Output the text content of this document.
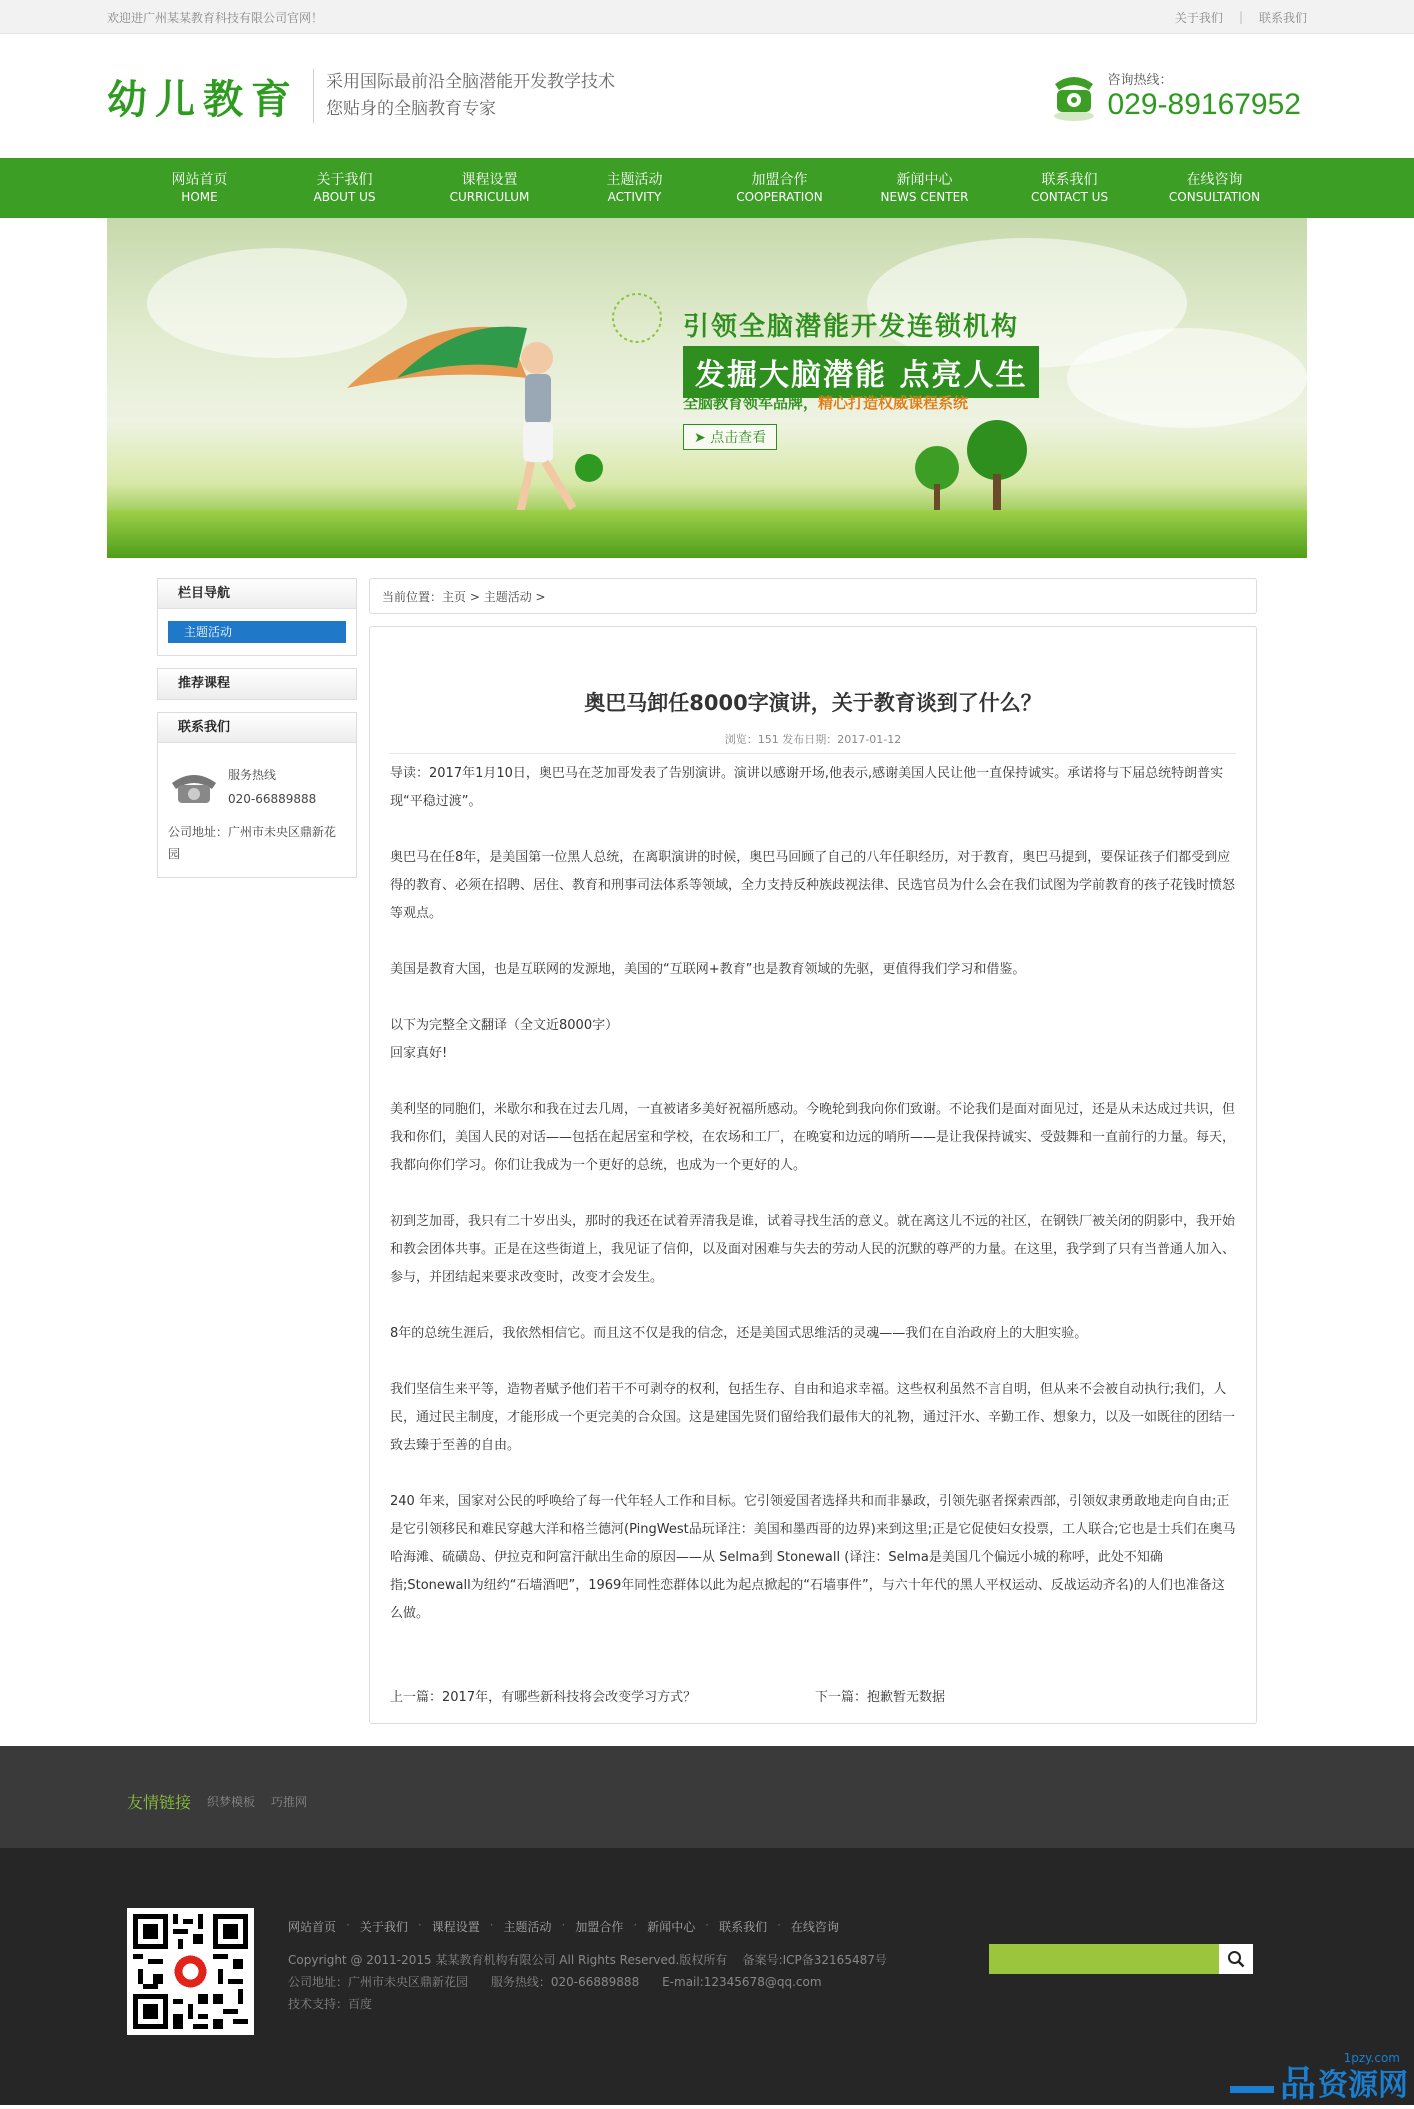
欢迎进广州某某教育科技有限公司官网！	关于我们 | 联系我们
幼儿教育 采用国际最前沿全脑潜能开发教学技术
您贴身的全脑教育专家
咨询热线：
029-89167952
网站首页
HOME
关于我们
ABOUT US
课程设置
CURRICULUM
主题活动
ACTIVITY
加盟合作
COOPERATION
新闻中心
NEWS CENTER
联系我们
CONTACT US
在线咨询
CONSULTATION
引领全脑潜能开发连锁机构
发掘大脑潜能 点亮人生
全脑教育领军品牌，精心打造权威课程系统
➤ 点击查看
栏目导航
主题活动
推荐课程
联系我们
服务热线
020-66889888
公司地址：广州市未央区鼎新花园
当前位置：主页 > 主题活动 >
奥巴马卸任8000字演讲，关于教育谈到了什么？
浏览：151 发布日期：2017-01-12

导读：2017年1月10日，奥巴马在芝加哥发表了告别演讲。演讲以感谢开场,他表示,感谢美国人民让他一直保持诚实。承诺将与下届总统特朗普实现“平稳过渡”。

奥巴马在任8年，是美国第一位黑人总统，在离职演讲的时候，奥巴马回顾了自己的八年任职经历，对于教育，奥巴马提到，要保证孩子们都受到应得的教育、必须在招聘、居住、教育和刑事司法体系等领域，全力支持反种族歧视法律、民选官员为什么会在我们试图为学前教育的孩子花钱时愤怒等观点。

美国是教育大国，也是互联网的发源地，美国的“互联网+教育”也是教育领域的先驱，更值得我们学习和借鉴。

以下为完整全文翻译（全文近8000字）

回家真好!

美利坚的同胞们，米歇尔和我在过去几周，一直被诸多美好祝福所感动。今晚轮到我向你们致谢。不论我们是面对面见过，还是从未达成过共识，但我和你们，美国人民的对话——包括在起居室和学校，在农场和工厂，在晚宴和边远的哨所——是让我保持诚实、受鼓舞和一直前行的力量。每天，我都向你们学习。你们让我成为一个更好的总统，也成为一个更好的人。

初到芝加哥，我只有二十岁出头，那时的我还在试着弄清我是谁，试着寻找生活的意义。就在离这儿不远的社区，在钢铁厂被关闭的阴影中，我开始和教会团体共事。正是在这些街道上，我见证了信仰，以及面对困难与失去的劳动人民的沉默的尊严的力量。在这里，我学到了只有当普通人加入、参与，并团结起来要求改变时，改变才会发生。

8年的总统生涯后，我依然相信它。而且这不仅是我的信念，还是美国式思维活的灵魂——我们在自治政府上的大胆实验。

我们坚信生来平等，造物者赋予他们若干不可剥夺的权利，包括生存、自由和追求幸福。这些权利虽然不言自明，但从来不会被自动执行;我们，人民，通过民主制度，才能形成一个更完美的合众国。这是建国先贤们留给我们最伟大的礼物，通过汗水、辛勤工作、想象力，以及一如既往的团结一致去臻于至善的自由。

240 年来，国家对公民的呼唤给了每一代年轻人工作和目标。它引领爱国者选择共和而非暴政，引领先驱者探索西部，引领奴隶勇敢地走向自由;正是它引领移民和难民穿越大洋和格兰德河(PingWest品玩译注：美国和墨西哥的边界)来到这里;正是它促使妇女投票，工人联合;它也是士兵们在奥马哈海滩、硫磺岛、伊拉克和阿富汗献出生命的原因——从 Selma到 Stonewall (译注：Selma是美国几个偏远小城的称呼，此处不知确指;Stonewall为纽约“石墙酒吧”，1969年同性恋群体以此为起点掀起的“石墙事件”，与六十年代的黑人平权运动、反战运动齐名)的人们也准备这么做。

上一篇：2017年，有哪些新科技将会改变学习方式？	下一篇：抱歉暂无数据
友情链接 织梦模板 巧推网
网站首页 · 关于我们 · 课程设置 · 主题活动 · 加盟合作 · 新闻中心 · 联系我们 · 在线咨询
Copyright @ 2011-2015 某某教育机构有限公司 All Rights Reserved.版权所有    备案号:ICP备32165487号
公司地址：广州市未央区鼎新花园      服务热线：020-66889888      E-mail:12345678@qq.com
技术支持：百度
1pzy.com
品 资源网
